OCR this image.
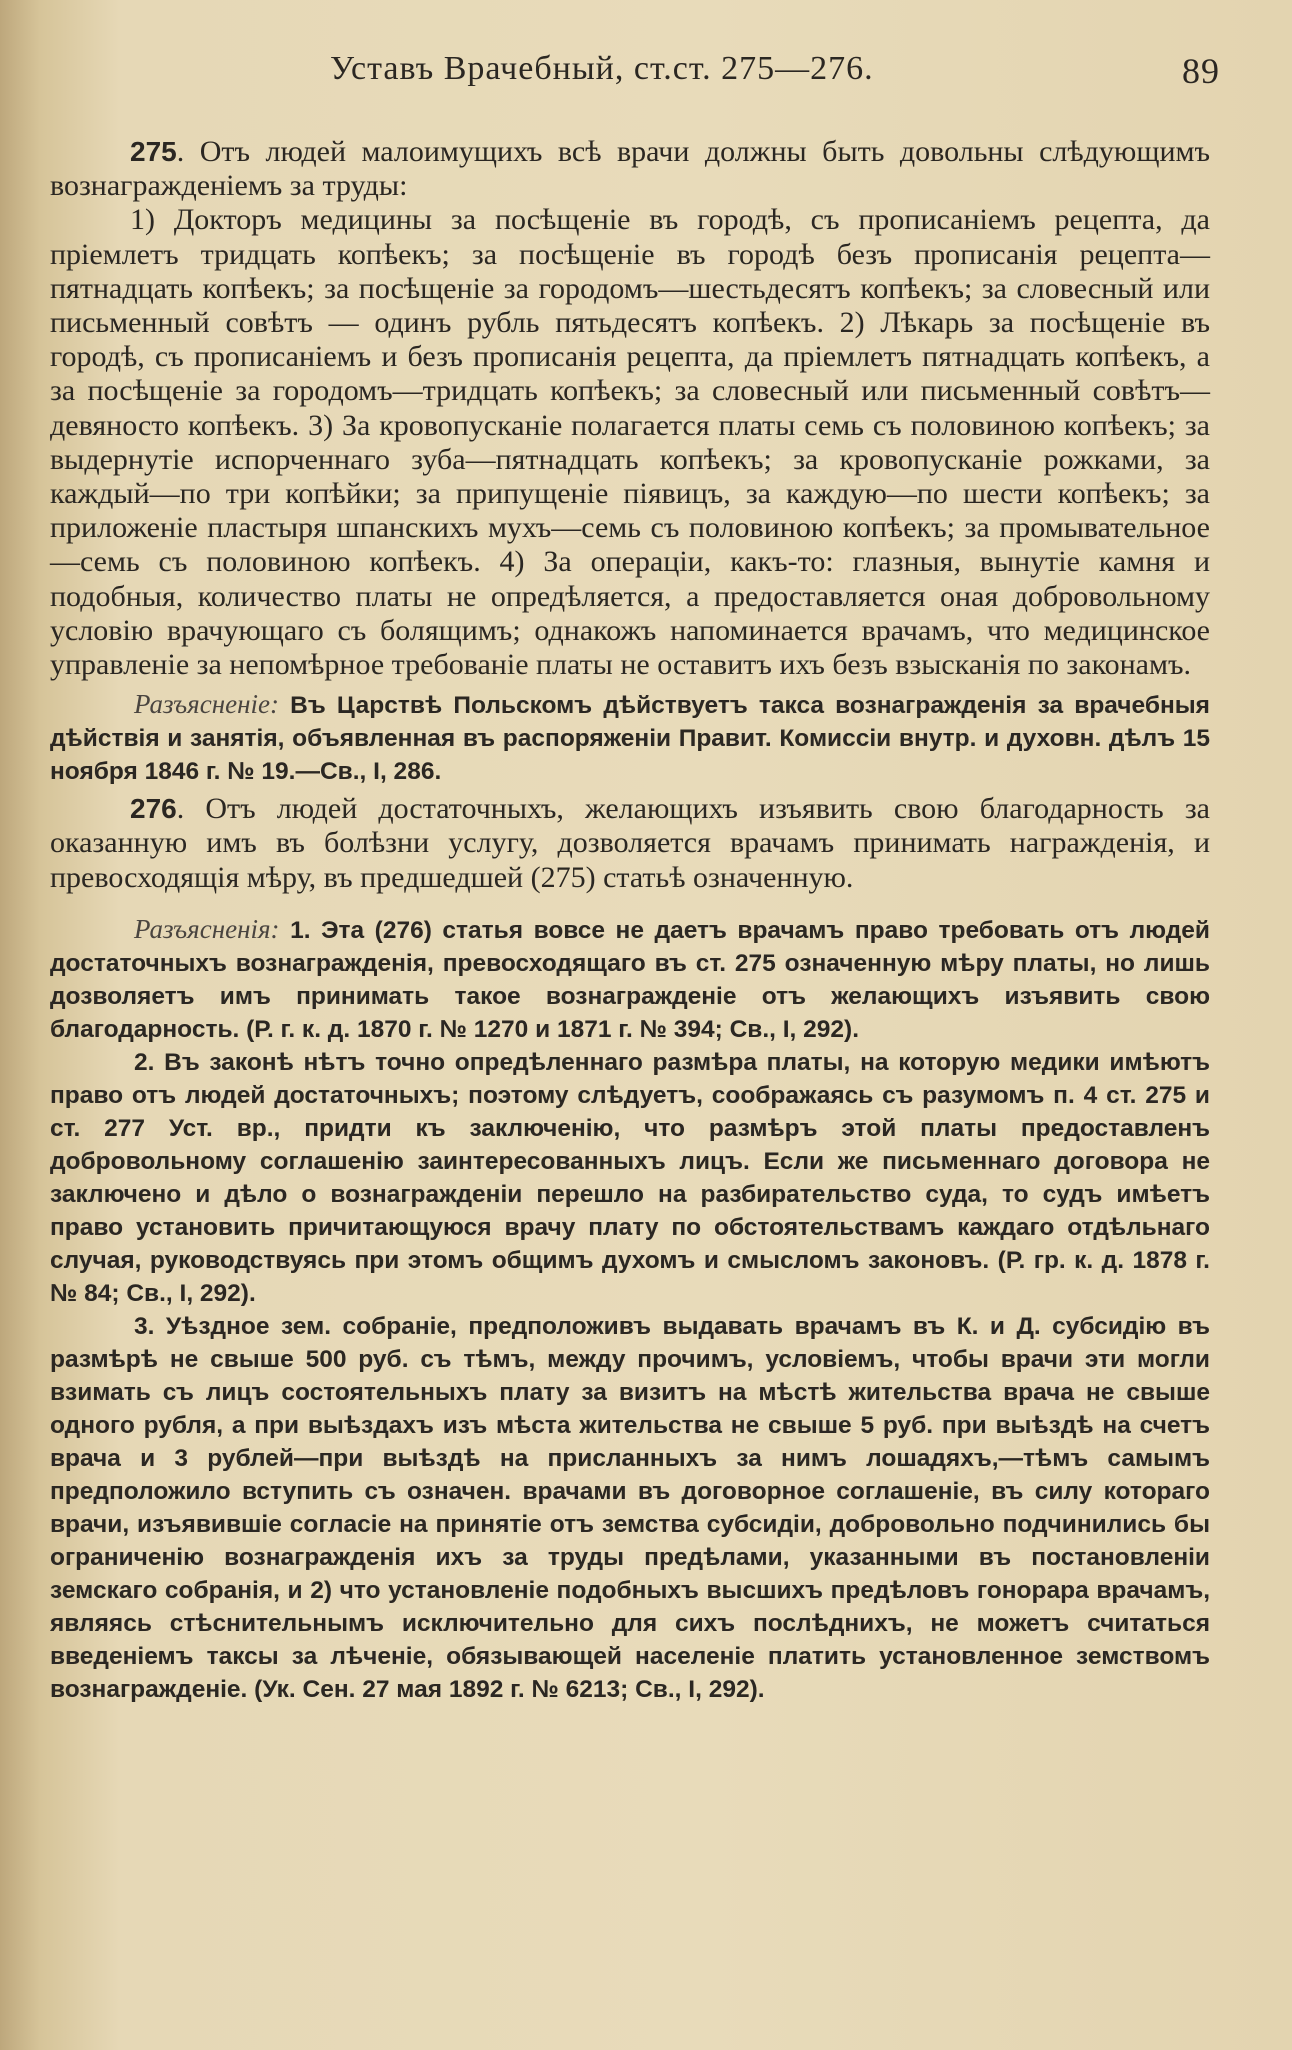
Уставъ Врачебный, ст.ст. 275—276.	89

275. Отъ людей малоимущихъ всѣ врачи должны быть довольны слѣдующимъ вознагражденіемъ за труды:

1) Докторъ медицины за посѣщеніе въ городѣ, съ прописаніемъ рецепта, да пріемлетъ тридцать копѣекъ; за посѣщеніе въ городѣ безъ прописанія рецепта—пятнадцать копѣекъ; за посѣщеніе за городомъ—шестьдесятъ копѣекъ; за словесный или письменный совѣтъ — одинъ рубль пятьдесятъ копѣекъ. 2) Лѣкарь за посѣщеніе въ городѣ, съ прописаніемъ и безъ прописанія рецепта, да пріемлетъ пятнадцать копѣекъ, а за посѣщеніе за городомъ—тридцать копѣекъ; за словесный или письменный совѣтъ—девяносто копѣекъ. 3) За кровопусканіе полагается платы семь съ половиною копѣекъ; за выдернутіе испорченнаго зуба—пятнадцать копѣекъ; за кровопусканіе рожками, за каждый—по три копѣйки; за припущеніе піявицъ, за каждую—по шести копѣекъ; за приложеніе пластыря шпанскихъ мухъ—семь съ половиною копѣекъ; за промывательное—семь съ половиною копѣекъ. 4) За операціи, какъ-то: глазныя, вынутіе камня и подобныя, количество платы не опредѣляется, а предоставляется оная добровольному условію врачующаго съ болящимъ; однакожъ напоминается врачамъ, что медицинское управленіе за непомѣрное требованіе платы не оставитъ ихъ безъ взысканія по законамъ.

Разъясненіе: Въ Царствѣ Польскомъ дѣйствуетъ такса вознагражденія за врачебныя дѣйствія и занятія, объявленная въ распоряженіи Правит. Комиссіи внутр. и духовн. дѣлъ 15 ноября 1846 г. № 19.—Св., I, 286.

276. Отъ людей достаточныхъ, желающихъ изъявить свою благодарность за оказанную имъ въ болѣзни услугу, дозволяется врачамъ принимать награжденія, и превосходящія мѣру, въ предшедшей (275) статьѣ означенную.

Разъясненія: 1. Эта (276) статья вовсе не даетъ врачамъ право требовать отъ людей достаточныхъ вознагражденія, превосходящаго въ ст. 275 означенную мѣру платы, но лишь дозволяетъ имъ принимать такое вознагражденіе отъ желающихъ изъявить свою благодарность. (Р. г. к. д. 1870 г. № 1270 и 1871 г. № 394; Св., I, 292).

2. Въ законѣ нѣтъ точно опредѣленнаго размѣра платы, на которую медики имѣютъ право отъ людей достаточныхъ; поэтому слѣдуетъ, соображаясь съ разумомъ п. 4 ст. 275 и ст. 277 Уст. вр., придти къ заключенію, что размѣръ этой платы предоставленъ добровольному соглашенію заинтересованныхъ лицъ. Если же письменнаго договора не заключено и дѣло о вознагражденіи перешло на разбирательство суда, то судъ имѣетъ право установить причитающуюся врачу плату по обстоятельствамъ каждаго отдѣльнаго случая, руководствуясь при этомъ общимъ духомъ и смысломъ законовъ. (Р. гр. к. д. 1878 г. № 84; Св., I, 292).

3. Уѣздное зем. собраніе, предположивъ выдавать врачамъ въ К. и Д. субсидію въ размѣрѣ не свыше 500 руб. съ тѣмъ, между прочимъ, условіемъ, чтобы врачи эти могли взимать съ лицъ состоятельныхъ плату за визитъ на мѣстѣ жительства врача не свыше одного рубля, а при выѣздахъ изъ мѣста жительства не свыше 5 руб. при выѣздѣ на счетъ врача и 3 рублей—при выѣздѣ на присланныхъ за нимъ лошадяхъ,—тѣмъ самымъ предположило вступить съ означен. врачами въ договорное соглашеніе, въ силу котораго врачи, изъявившіе согласіе на принятіе отъ земства субсидіи, добровольно подчинились бы ограниченію вознагражденія ихъ за труды предѣлами, указанными въ постановленіи земскаго собранія, и 2) что установленіе подобныхъ высшихъ предѣловъ гонорара врачамъ, являясь стѣснительнымъ исключительно для сихъ послѣднихъ, не можетъ считаться введеніемъ таксы за лѣченіе, обязывающей населеніе платить установленное земствомъ вознагражденіе. (Ук. Сен. 27 мая 1892 г. № 6213; Св., I, 292).
